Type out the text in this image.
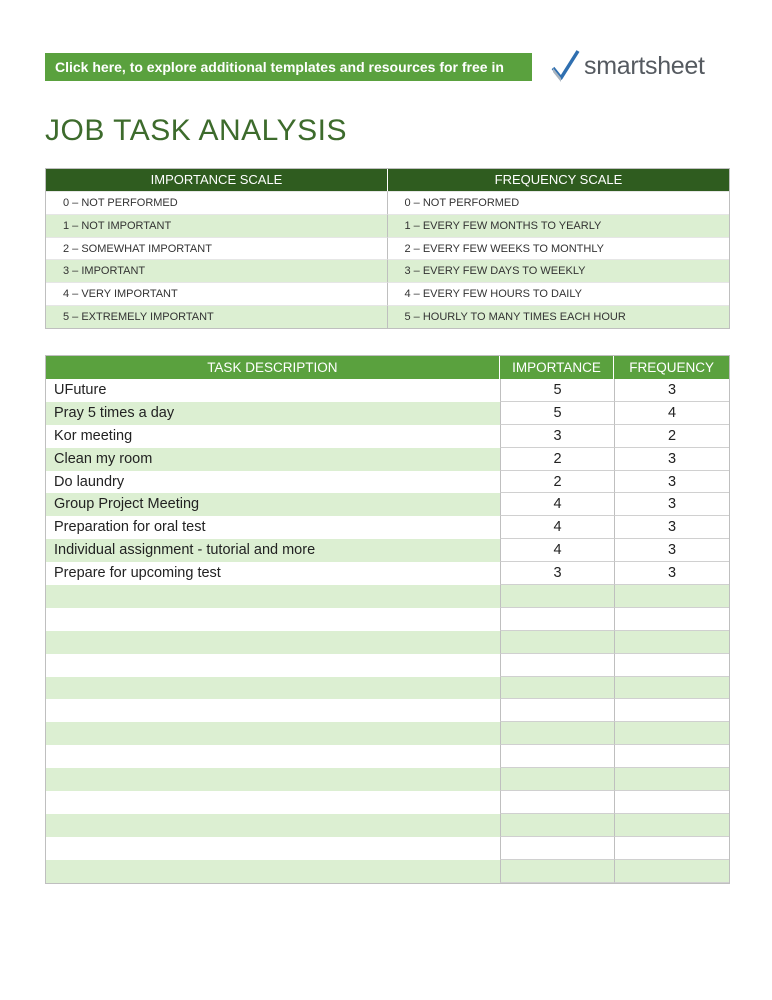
Click here, to explore additional templates and resources for free in	smartsheet
JOB TASK ANALYSIS
IMPORTANCE SCALE	FREQUENCY SCALE
0 – NOT PERFORMED	0 – NOT PERFORMED
1 – NOT IMPORTANT	1 – EVERY FEW MONTHS TO YEARLY
2 – SOMEWHAT IMPORTANT	2 – EVERY FEW WEEKS TO MONTHLY
3 – IMPORTANT	3 – EVERY FEW DAYS TO WEEKLY
4 – VERY IMPORTANT	4 – EVERY FEW HOURS TO DAILY
5 – EXTREMELY IMPORTANT	5 – HOURLY TO MANY TIMES EACH HOUR
TASK DESCRIPTION	IMPORTANCE	FREQUENCY
UFuture	5	3
Pray 5 times a day	5	4
Kor meeting	3	2
Clean my room	2	3
Do laundry	2	3
Group Project Meeting	4	3
Preparation for oral test	4	3
Individual assignment - tutorial and more	4	3
Prepare for upcoming test	3	3
